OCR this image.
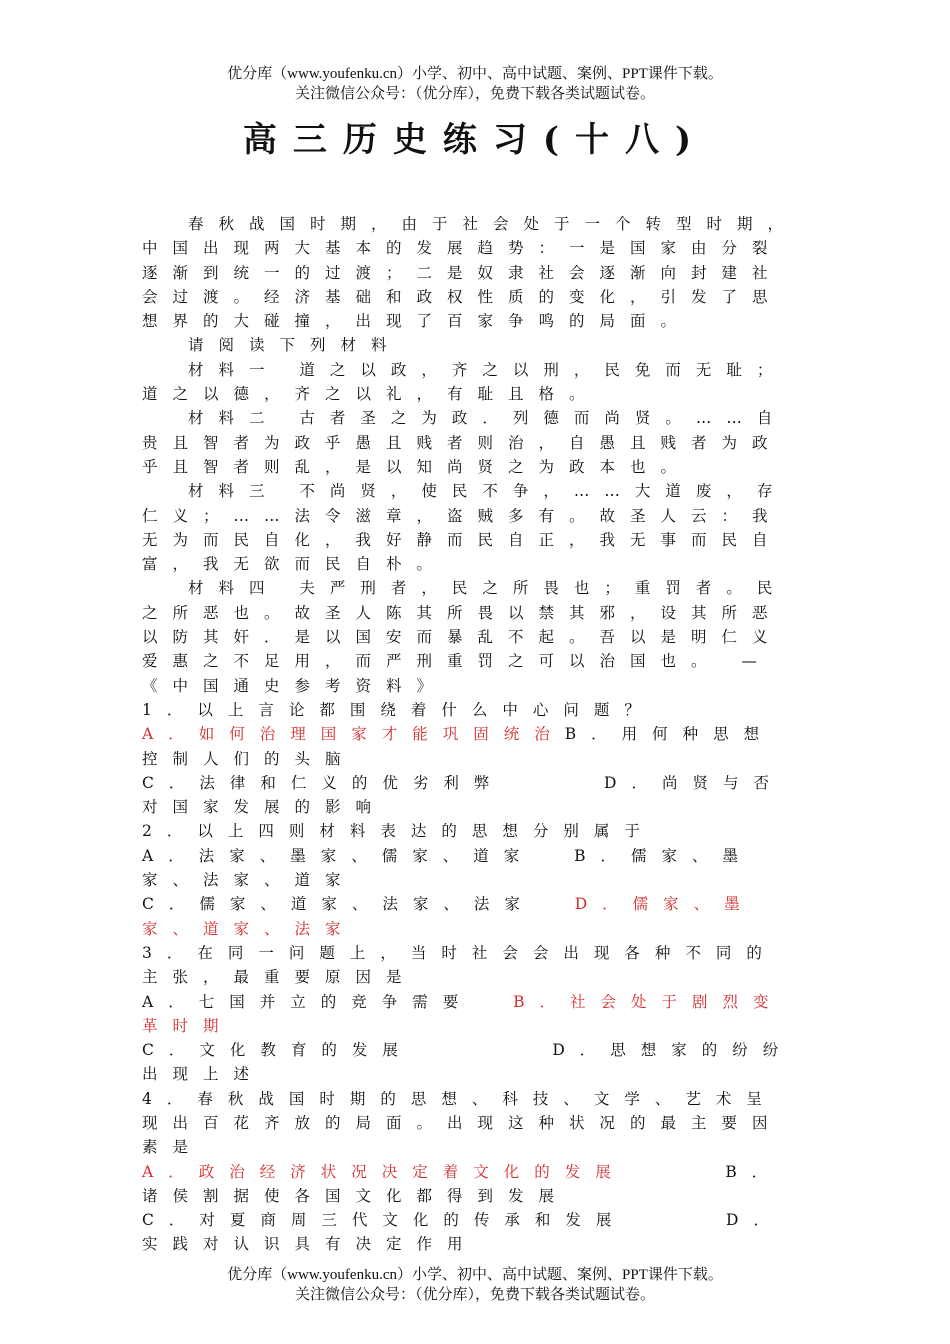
优分库（www.youfenku.cn）小学、初中、高中试题、案例、PPT课件下载。
关注微信公众号：（优分库），免费下载各类试题试卷。
高三历史练习(十八)

春秋战国时期，由于社会处于一个转型时期，中国出现两大基本的发展趋势：一是国家由分裂逐渐到统一的过渡；二是奴隶社会逐渐向封建社会过渡。经济基础和政权性质的变化，引发了思想界的大碰撞，出现了百家争鸣的局面。

请阅读下列材料

材料一 道之以政，齐之以刑，民免而无耻；道之以德，齐之以礼，有耻且格。

材料二 古者圣之为政．列德而尚贤。……自贵且智者为政乎愚且贱者则治，自愚且贱者为政乎且智者则乱，是以知尚贤之为政本也。

材料三 不尚贤，使民不争，……大道废，存仁义；……法令滋章，盗贼多有。故圣人云：我无为而民自化，我好静而民自正，我无事而民自富，我无欲而民自朴。

材料四 夫严刑者，民之所畏也；重罚者。民之所恶也。故圣人陈其所畏以禁其邪，设其所恶以防其奸．是以国安而暴乱不起。吾以是明仁义爱惠之不足用，而严刑重罚之可以治国也。 —《中国通史参考资料》

1．以上言论都围绕着什么中心问题？

A．如何治理国家才能巩固统治B．用何种思想控制人们的头脑

C．法律和仁义的优劣利弊	D．尚贤与否对国家发展的影响

2．以上四则材料表达的思想分别属于

A．法家、墨家、儒家、道家	B．儒家、墨家、法家、道家

C．儒家、道家、法家、法家	D．儒家、墨家、道家、法家

3．在同一问题上，当时社会会出现各种不同的主张，最重要原因是

A．七国并立的竞争需要	B．社会处于剧烈变革时期

C．文化教育的发展	D．思想家的纷纷出现上述

4．春秋战国时期的思想、科技、文学、艺术呈现出百花齐放的局面。出现这种状况的最主要因素是

A．政治经济状况决定着文化的发展	B．诸侯割据使各国文化都得到发展

C．对夏商周三代文化的传承和发展	D．实践对认识具有决定作用

优分库（www.youfenku.cn）小学、初中、高中试题、案例、PPT课件下载。
关注微信公众号：（优分库），免费下载各类试题试卷。
